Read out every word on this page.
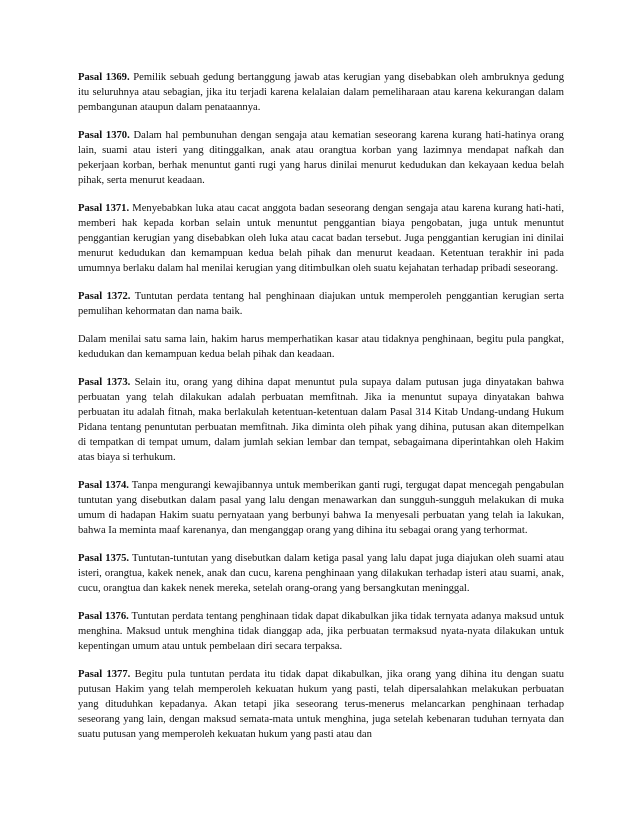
Pasal 1369. Pemilik sebuah gedung bertanggung jawab atas kerugian yang disebabkan oleh ambruknya gedung itu seluruhnya atau sebagian, jika itu terjadi karena kelalaian dalam pemeliharaan atau karena kekurangan dalam pembangunan ataupun dalam penataannya.

Pasal 1370. Dalam hal pembunuhan dengan sengaja atau kematian seseorang karena kurang hati-hatinya orang lain, suami atau isteri yang ditinggalkan, anak atau orangtua korban yang lazimnya mendapat nafkah dan pekerjaan korban, berhak menuntut ganti rugi yang harus dinilai menurut kedudukan dan kekayaan kedua belah pihak, serta menurut keadaan.

Pasal 1371. Menyebabkan luka atau cacat anggota badan seseorang dengan sengaja atau karena kurang hati-hati, memberi hak kepada korban selain untuk menuntut penggantian biaya pengobatan, juga untuk menuntut penggantian kerugian yang disebabkan oleh luka atau cacat badan tersebut. Juga penggantian kerugian ini dinilai menurut kedudukan dan kemampuan kedua belah pihak dan menurut keadaan. Ketentuan terakhir ini pada umumnya berlaku dalam hal menilai kerugian yang ditimbulkan oleh suatu kejahatan terhadap pribadi seseorang.

Pasal 1372. Tuntutan perdata tentang hal penghinaan diajukan untuk memperoleh penggantian kerugian serta pemulihan kehormatan dan nama baik.

Dalam menilai satu sama lain, hakim harus memperhatikan kasar atau tidaknya penghinaan, begitu pula pangkat, kedudukan dan kemampuan kedua belah pihak dan keadaan.

Pasal 1373. Selain itu, orang yang dihina dapat menuntut pula supaya dalam putusan juga dinyatakan bahwa perbuatan yang telah dilakukan adalah perbuatan memfitnah. Jika ia menuntut supaya dinyatakan bahwa perbuatan itu adalah fitnah, maka berlakulah ketentuan-ketentuan dalam Pasal 314 Kitab Undang-undang Hukum Pidana tentang penuntutan perbuatan memfitnah. Jika diminta oleh pihak yang dihina, putusan akan ditempelkan di tempatkan di tempat umum, dalam jumlah sekian lembar dan tempat, sebagaimana diperintahkan oleh Hakim atas biaya si terhukum.

Pasal 1374. Tanpa mengurangi kewajibannya untuk memberikan ganti rugi, tergugat dapat mencegah pengabulan tuntutan yang disebutkan dalam pasal yang lalu dengan menawarkan dan sungguh-sungguh melakukan di muka umum di hadapan Hakim suatu pernyataan yang berbunyi bahwa Ia menyesali perbuatan yang telah ia lakukan, bahwa Ia meminta maaf karenanya, dan menganggap orang yang dihina itu sebagai orang yang terhormat.

Pasal 1375. Tuntutan-tuntutan yang disebutkan dalam ketiga pasal yang lalu dapat juga diajukan oleh suami atau isteri, orangtua, kakek nenek, anak dan cucu, karena penghinaan yang dilakukan terhadap isteri atau suami, anak, cucu, orangtua dan kakek nenek mereka, setelah orang-orang yang bersangkutan meninggal.

Pasal 1376. Tuntutan perdata tentang penghinaan tidak dapat dikabulkan jika tidak ternyata adanya maksud untuk menghina. Maksud untuk menghina tidak dianggap ada, jika perbuatan termaksud nyata-nyata dilakukan untuk kepentingan umum atau untuk pembelaan diri secara terpaksa.

Pasal 1377. Begitu pula tuntutan perdata itu tidak dapat dikabulkan, jika orang yang dihina itu dengan suatu putusan Hakim yang telah memperoleh kekuatan hukum yang pasti, telah dipersalahkan melakukan perbuatan yang dituduhkan kepadanya. Akan tetapi jika seseorang terus-menerus melancarkan penghinaan terhadap seseorang yang lain, dengan maksud semata-mata untuk menghina, juga setelah kebenaran tuduhan ternyata dan suatu putusan yang memperoleh kekuatan hukum yang pasti atau dan
